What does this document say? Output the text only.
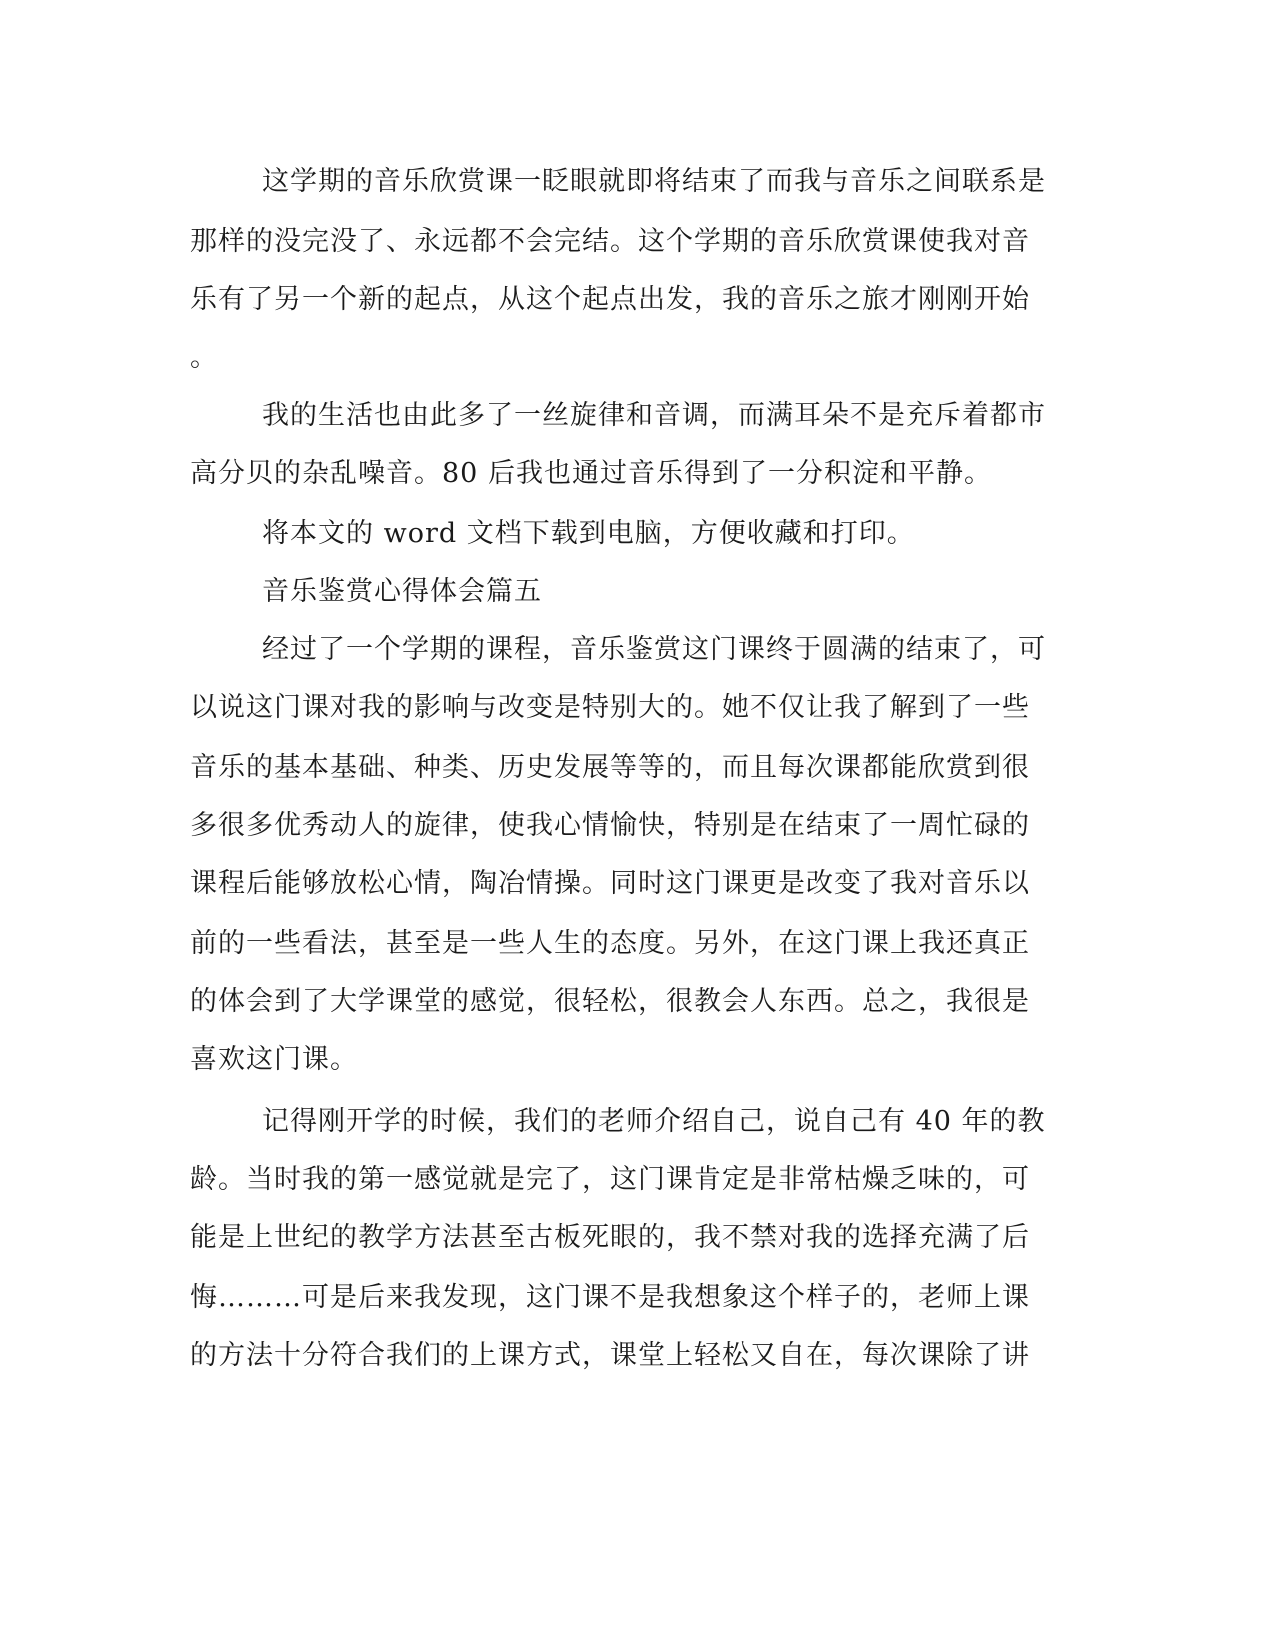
这学期的音乐欣赏课一眨眼就即将结束了而我与音乐之间联系是
那样的没完没了、永远都不会完结。这个学期的音乐欣赏课使我对音
乐有了另一个新的起点，从这个起点出发，我的音乐之旅才刚刚开始
。
我的生活也由此多了一丝旋律和音调，而满耳朵不是充斥着都市
高分贝的杂乱噪音。80 后我也通过音乐得到了一分积淀和平静。
将本文的 word 文档下载到电脑，方便收藏和打印。
音乐鉴赏心得体会篇五
经过了一个学期的课程，音乐鉴赏这门课终于圆满的结束了，可
以说这门课对我的影响与改变是特别大的。她不仅让我了解到了一些
音乐的基本基础、种类、历史发展等等的，而且每次课都能欣赏到很
多很多优秀动人的旋律，使我心情愉快，特别是在结束了一周忙碌的
课程后能够放松心情，陶冶情操。同时这门课更是改变了我对音乐以
前的一些看法，甚至是一些人生的态度。另外，在这门课上我还真正
的体会到了大学课堂的感觉，很轻松，很教会人东西。总之，我很是
喜欢这门课。
记得刚开学的时候，我们的老师介绍自己，说自己有 40 年的教
龄。当时我的第一感觉就是完了，这门课肯定是非常枯燥乏味的，可
能是上世纪的教学方法甚至古板死眼的，我不禁对我的选择充满了后
悔………可是后来我发现，这门课不是我想象这个样子的，老师上课
的方法十分符合我们的上课方式，课堂上轻松又自在，每次课除了讲
